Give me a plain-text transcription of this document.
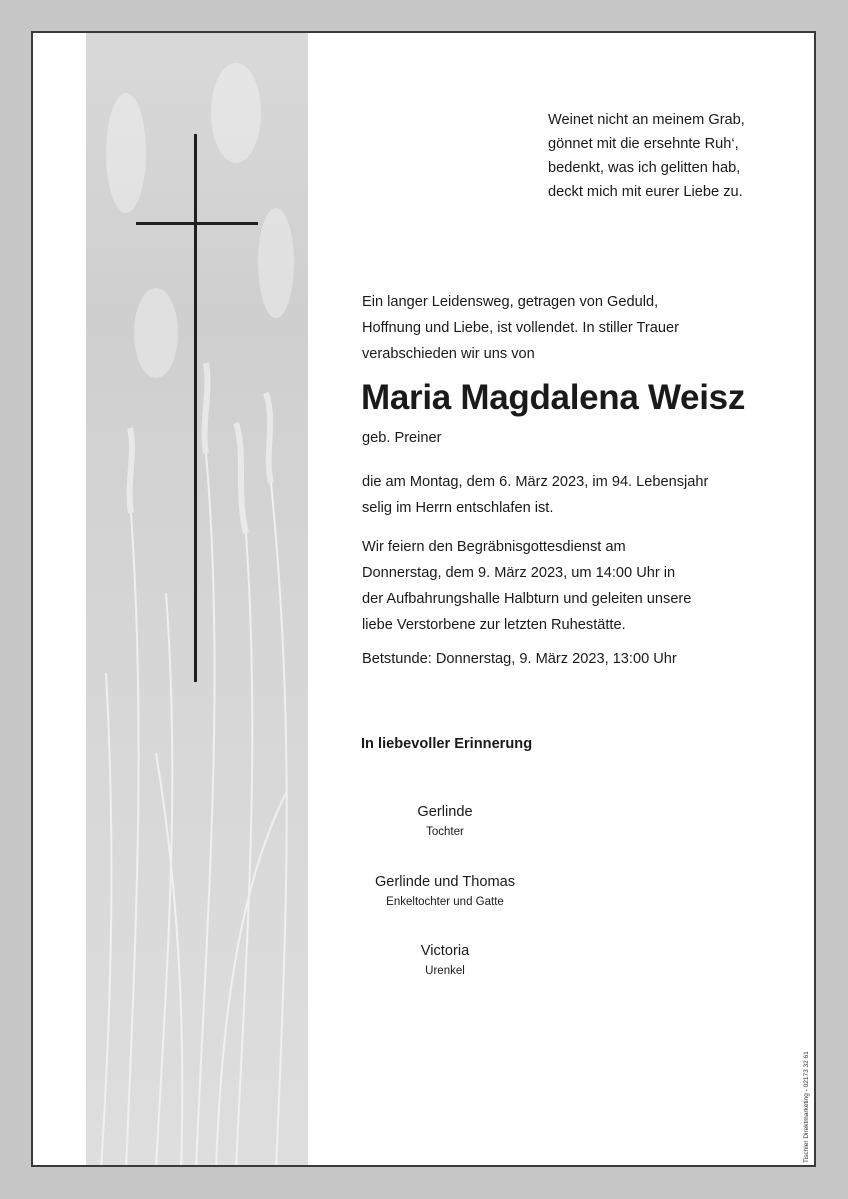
Weinet nicht an meinem Grab,
gönnet mit die ersehnte Ruh‘,
bedenkt, was ich gelitten hab,
deckt mich mit eurer Liebe zu.
Ein langer Leidensweg, getragen von Geduld,
Hoffnung und Liebe, ist vollendet. In stiller Trauer
verabschieden wir uns von
Maria Magdalena Weisz
geb. Preiner
die am Montag, dem 6. März 2023, im 94. Lebensjahr
selig im Herrn entschlafen ist.
Wir feiern den Begräbnisgottesdienst am
Donnerstag, dem 9. März 2023, um 14:00 Uhr in
der Aufbahrungshalle Halbturn und geleiten unsere
liebe Verstorbene zur letzten Ruhestätte.
Betstunde: Donnerstag, 9. März 2023, 13:00 Uhr
In liebevoller Erinnerung
Gerlinde
Tochter
Gerlinde und Thomas
Enkeltochter und Gatte
Victoria
Urenkel
Tischler Direktmarketing - 02173 32 61
